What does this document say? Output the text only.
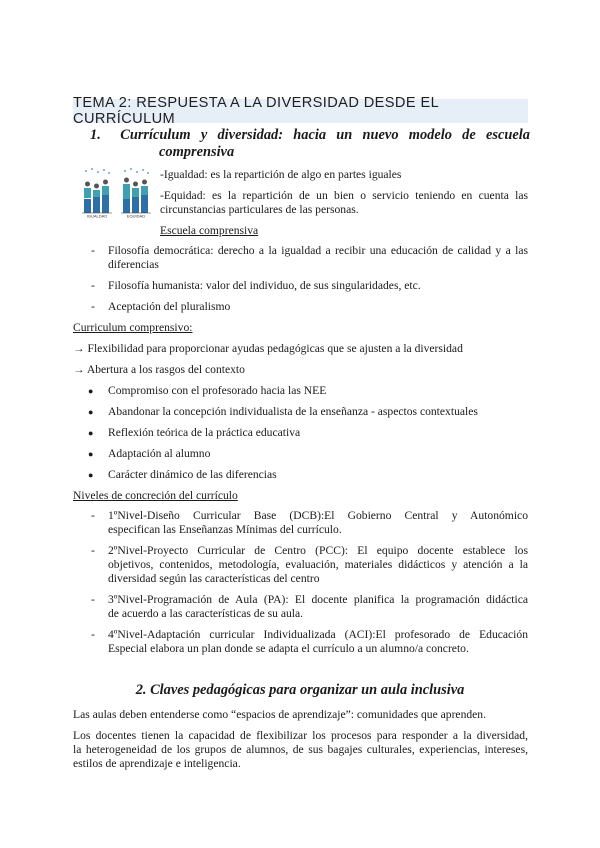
TEMA 2: RESPUESTA A LA DIVERSIDAD DESDE EL CURRÍCULUM
1.	Currículum y diversidad: hacia un nuevo modelo de escuela
comprensiva
IGUALDAD	EQUIDAD
-Igualdad: es la repartición de algo en partes iguales
-Equidad: es la repartición de un bien o servicio teniendo en cuenta las
circunstancias particulares de las personas.
Escuela comprensiva
- Filosofía democrática: derecho a la igualdad a recibir una educación de calidad y a las
diferencias
- Filosofía humanista: valor del individuo, de sus singularidades, etc.
- Aceptación del pluralismo
Curriculum comprensivo:
→ Flexibilidad para proporcionar ayudas pedagógicas que se ajusten a la diversidad
→ Abertura a los rasgos del contexto
● Compromiso con el profesorado hacia las NEE
● Abandonar la concepción individualista de la enseñanza - aspectos contextuales
● Reflexión teórica de la práctica educativa
● Adaptación al alumno
● Carácter dinámico de las diferencias
Niveles de concreción del currículo
- 1ºNivel-Diseño Curricular Base (DCB):El Gobierno Central y Autonómico
especifican las Enseñanzas Mínimas del currículo.
- 2ºNivel-Proyecto Curricular de Centro (PCC): El equipo docente establece los
objetivos, contenidos, metodología, evaluación, materiales didácticos y atención a la
diversidad según las características del centro
- 3ºNivel-Programación de Aula (PA): El docente planifica la programación didáctica
de acuerdo a las características de su aula.
- 4ºNivel-Adaptación curricular Individualizada (ACI):El profesorado de Educación
Especial elabora un plan donde se adapta el currículo a un alumno/a concreto.
2. Claves pedagógicas para organizar un aula inclusiva
Las aulas deben entenderse como “espacios de aprendizaje”: comunidades que aprenden.
Los docentes tienen la capacidad de flexibilizar los procesos para responder a la diversidad,
la heterogeneidad de los grupos de alumnos, de sus bagajes culturales, experiencias, intereses,
estilos de aprendizaje e inteligencia.
